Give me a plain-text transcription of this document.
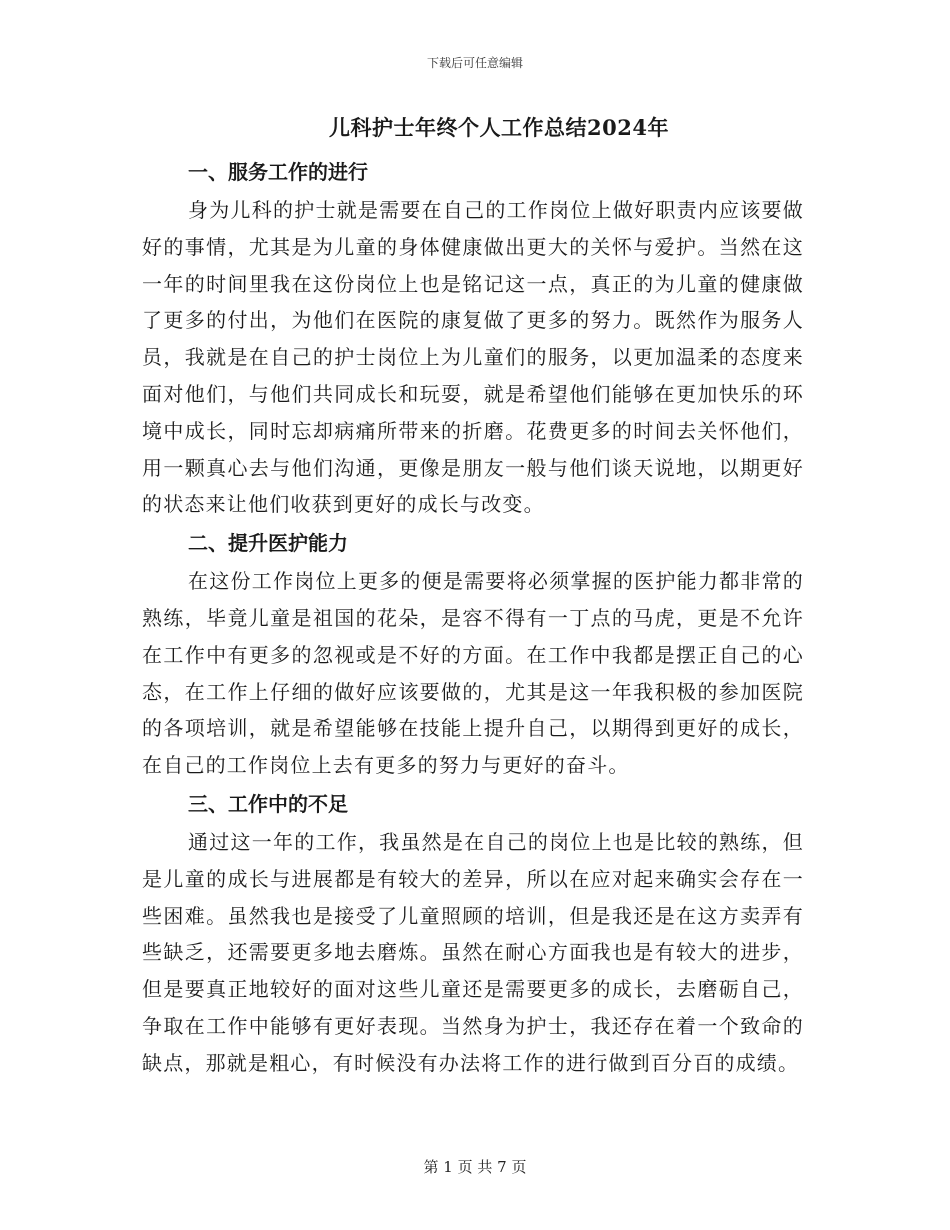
下载后可任意编辑
儿科护士年终个人工作总结2024年
一、服务工作的进行

身为儿科的护士就是需要在自己的工作岗位上做好职责内应该要做好的事情，尤其是为儿童的身体健康做出更大的关怀与爱护。当然在这一年的时间里我在这份岗位上也是铭记这一点，真正的为儿童的健康做了更多的付出，为他们在医院的康复做了更多的努力。既然作为服务人员，我就是在自己的护士岗位上为儿童们的服务，以更加温柔的态度来面对他们，与他们共同成长和玩耍，就是希望他们能够在更加快乐的环境中成长，同时忘却病痛所带来的折磨。花费更多的时间去关怀他们，用一颗真心去与他们沟通，更像是朋友一般与他们谈天说地，以期更好的状态来让他们收获到更好的成长与改变。

二、提升医护能力

在这份工作岗位上更多的便是需要将必须掌握的医护能力都非常的熟练，毕竟儿童是祖国的花朵，是容不得有一丁点的马虎，更是不允许在工作中有更多的忽视或是不好的方面。在工作中我都是摆正自己的心态，在工作上仔细的做好应该要做的，尤其是这一年我积极的参加医院的各项培训，就是希望能够在技能上提升自己，以期得到更好的成长，在自己的工作岗位上去有更多的努力与更好的奋斗。

三、工作中的不足

通过这一年的工作，我虽然是在自己的岗位上也是比较的熟练，但是儿童的成长与进展都是有较大的差异，所以在应对起来确实会存在一些困难。虽然我也是接受了儿童照顾的培训，但是我还是在这方卖弄有些缺乏，还需要更多地去磨炼。虽然在耐心方面我也是有较大的进步，但是要真正地较好的面对这些儿童还是需要更多的成长，去磨砺自己，争取在工作中能够有更好表现。当然身为护士，我还存在着一个致命的缺点，那就是粗心，有时候没有办法将工作的进行做到百分百的成绩。

第 1 页 共 7 页
